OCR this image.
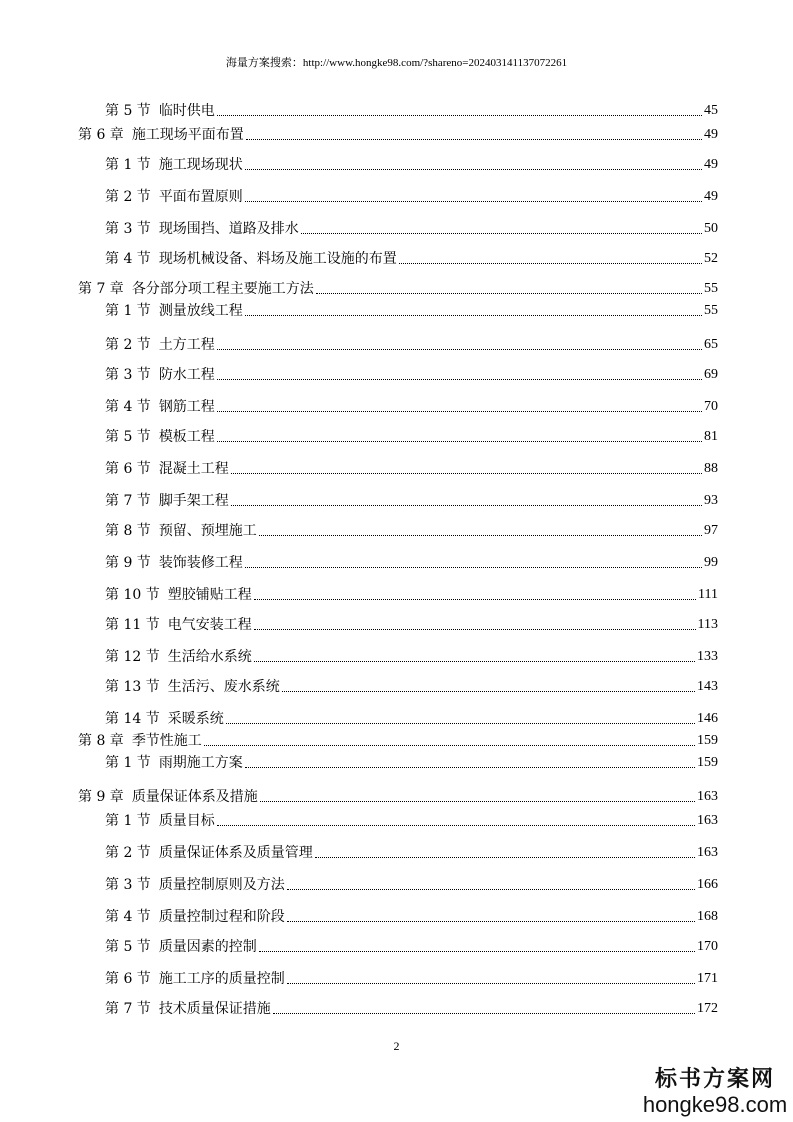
海量方案搜索：http://www.hongke98.com/?shareno=20240314113707​2261
第 5 节 临时供电	45
第 6 章 施工现场平面布置	49
第 1 节 施工现场现状	49
第 2 节 平面布置原则	49
第 3 节 现场围挡、道路及排水	50
第 4 节 现场机械设备、料场及施工设施的布置	52
第 7 章 各分部分项工程主要施工方法	55
第 1 节 测量放线工程	55
第 2 节 土方工程	65
第 3 节 防水工程	69
第 4 节 钢筋工程	70
第 5 节 模板工程	81
第 6 节 混凝土工程	88
第 7 节 脚手架工程	93
第 8 节 预留、预埋施工	97
第 9 节 装饰装修工程	99
第 10 节 塑胶铺贴工程	111
第 11 节 电气安装工程	113
第 12 节 生活给水系统	133
第 13 节 生活污、废水系统	143
第 14 节 采暖系统	146
第 8 章 季节性施工	159
第 1 节 雨期施工方案	159
第 9 章 质量保证体系及措施	163
第 1 节 质量目标	163
第 2 节 质量保证体系及质量管理	163
第 3 节 质量控制原则及方法	166
第 4 节 质量控制过程和阶段	168
第 5 节 质量因素的控制	170
第 6 节 施工工序的质量控制	171
第 7 节 技术质量保证措施	172
2
标书方案网
hongke98.com
